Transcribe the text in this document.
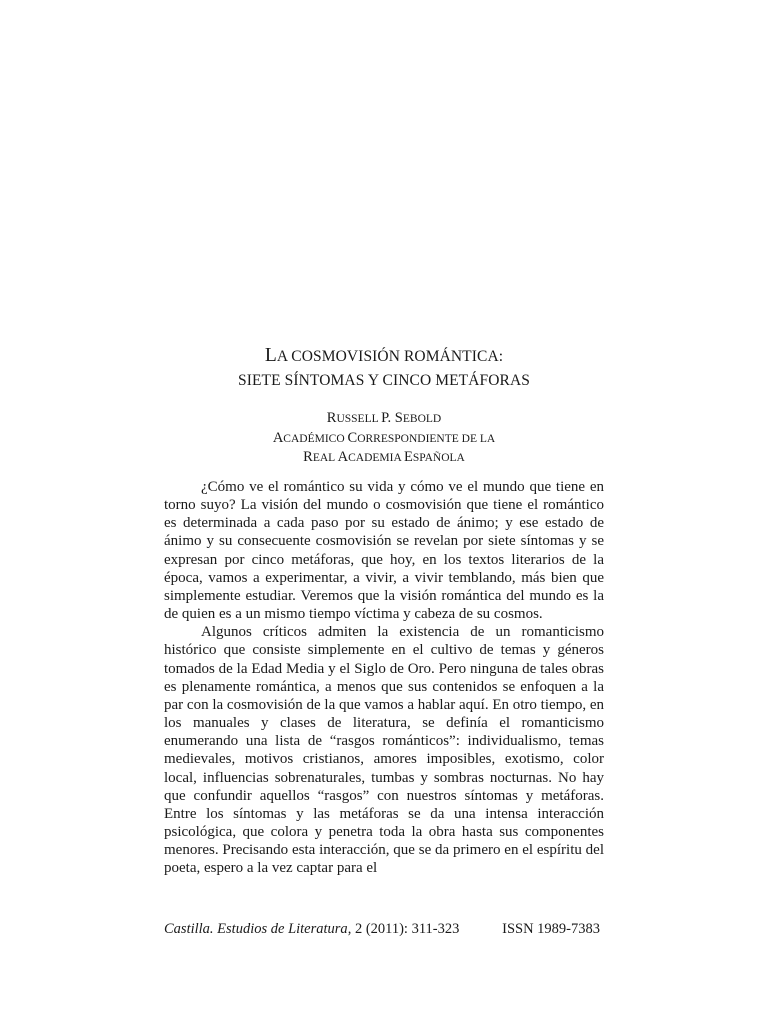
LA COSMOVISIÓN ROMÁNTICA:
SIETE SÍNTOMAS Y CINCO METÁFORAS
RUSSELL P. SEBOLD
ACADÉMICO CORRESPONDIENTE DE LA
REAL ACADEMIA ESPAÑOLA

¿Cómo ve el romántico su vida y cómo ve el mundo que tiene en torno suyo? La visión del mundo o cosmovisión que tiene el romántico es determinada a cada paso por su estado de ánimo; y ese estado de ánimo y su consecuente cosmovisión se revelan por siete síntomas y se expresan por cinco metáforas, que hoy, en los textos literarios de la época, vamos a experimentar, a vivir, a vivir temblando, más bien que simplemente estudiar. Veremos que la visión romántica del mundo es la de quien es a un mismo tiempo víctima y cabeza de su cosmos.

Algunos críticos admiten la existencia de un romanticismo histórico que consiste simplemente en el cultivo de temas y géneros tomados de la Edad Media y el Siglo de Oro. Pero ninguna de tales obras es plenamente romántica, a menos que sus contenidos se enfoquen a la par con la cosmovisión de la que vamos a hablar aquí. En otro tiempo, en los manuales y clases de literatura, se definía el romanticismo enumerando una lista de “rasgos románticos”: individualismo, temas medievales, motivos cristianos, amores imposibles, exotismo, color local, influencias sobrenaturales, tumbas y sombras nocturnas. No hay que confundir aquellos “rasgos” con nuestros síntomas y metáforas. Entre los síntomas y las metáforas se da una intensa interacción psicológica, que colora y penetra toda la obra hasta sus componentes menores. Precisando esta interacción, que se da primero en el espíritu del poeta, espero a la vez captar para el

Castilla. Estudios de Literatura, 2 (2011): 311-323	ISSN 1989-7383
